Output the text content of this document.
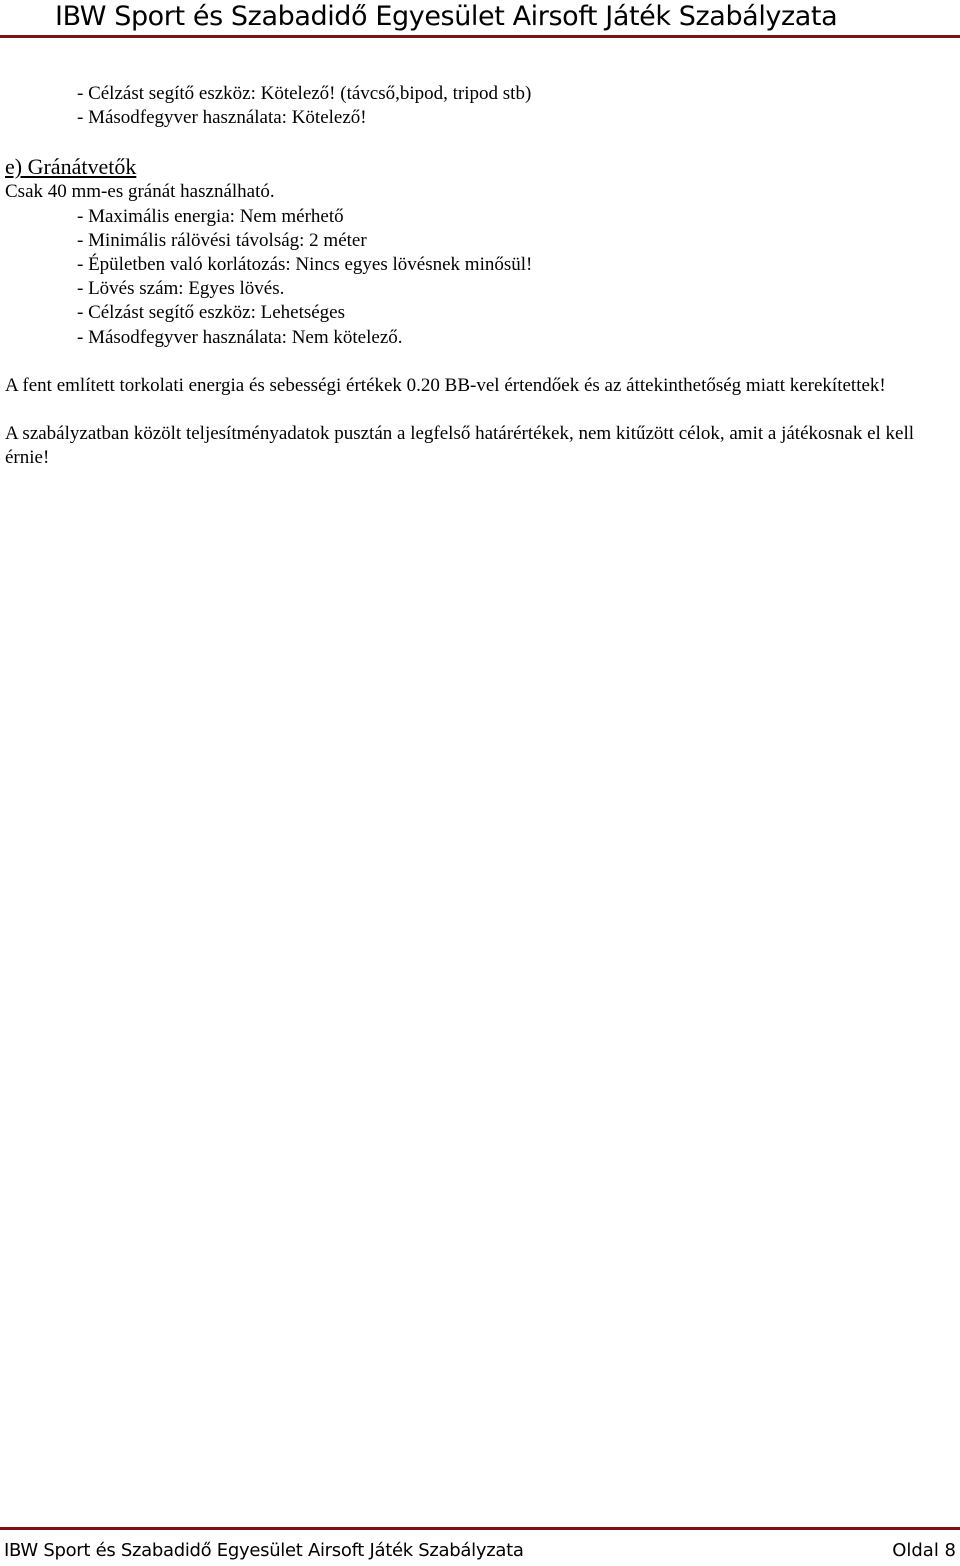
IBW Sport és Szabadidő Egyesület Airsoft Játék Szabályzata

- Célzást segítő eszköz: Kötelező! (távcső,bipod, tripod stb)

- Másodfegyver használata: Kötelező!

e) Gránátvetők

Csak 40 mm-es gránát használható.

- Maximális energia: Nem mérhető

- Minimális rálövési távolság: 2 méter

- Épületben való korlátozás: Nincs egyes lövésnek minősül!

- Lövés szám: Egyes lövés.

- Célzást segítő eszköz: Lehetséges

- Másodfegyver használata: Nem kötelező.

A fent említett torkolati energia és sebességi értékek 0.20 BB-vel értendőek és az áttekinthetőség miatt kerekítettek!

A szabályzatban közölt teljesítményadatok pusztán a legfelső határértékek, nem kitűzött célok, amit a játékosnak el kell érnie!

IBW Sport és Szabadidő Egyesület Airsoft Játék Szabályzata	Oldal 8
